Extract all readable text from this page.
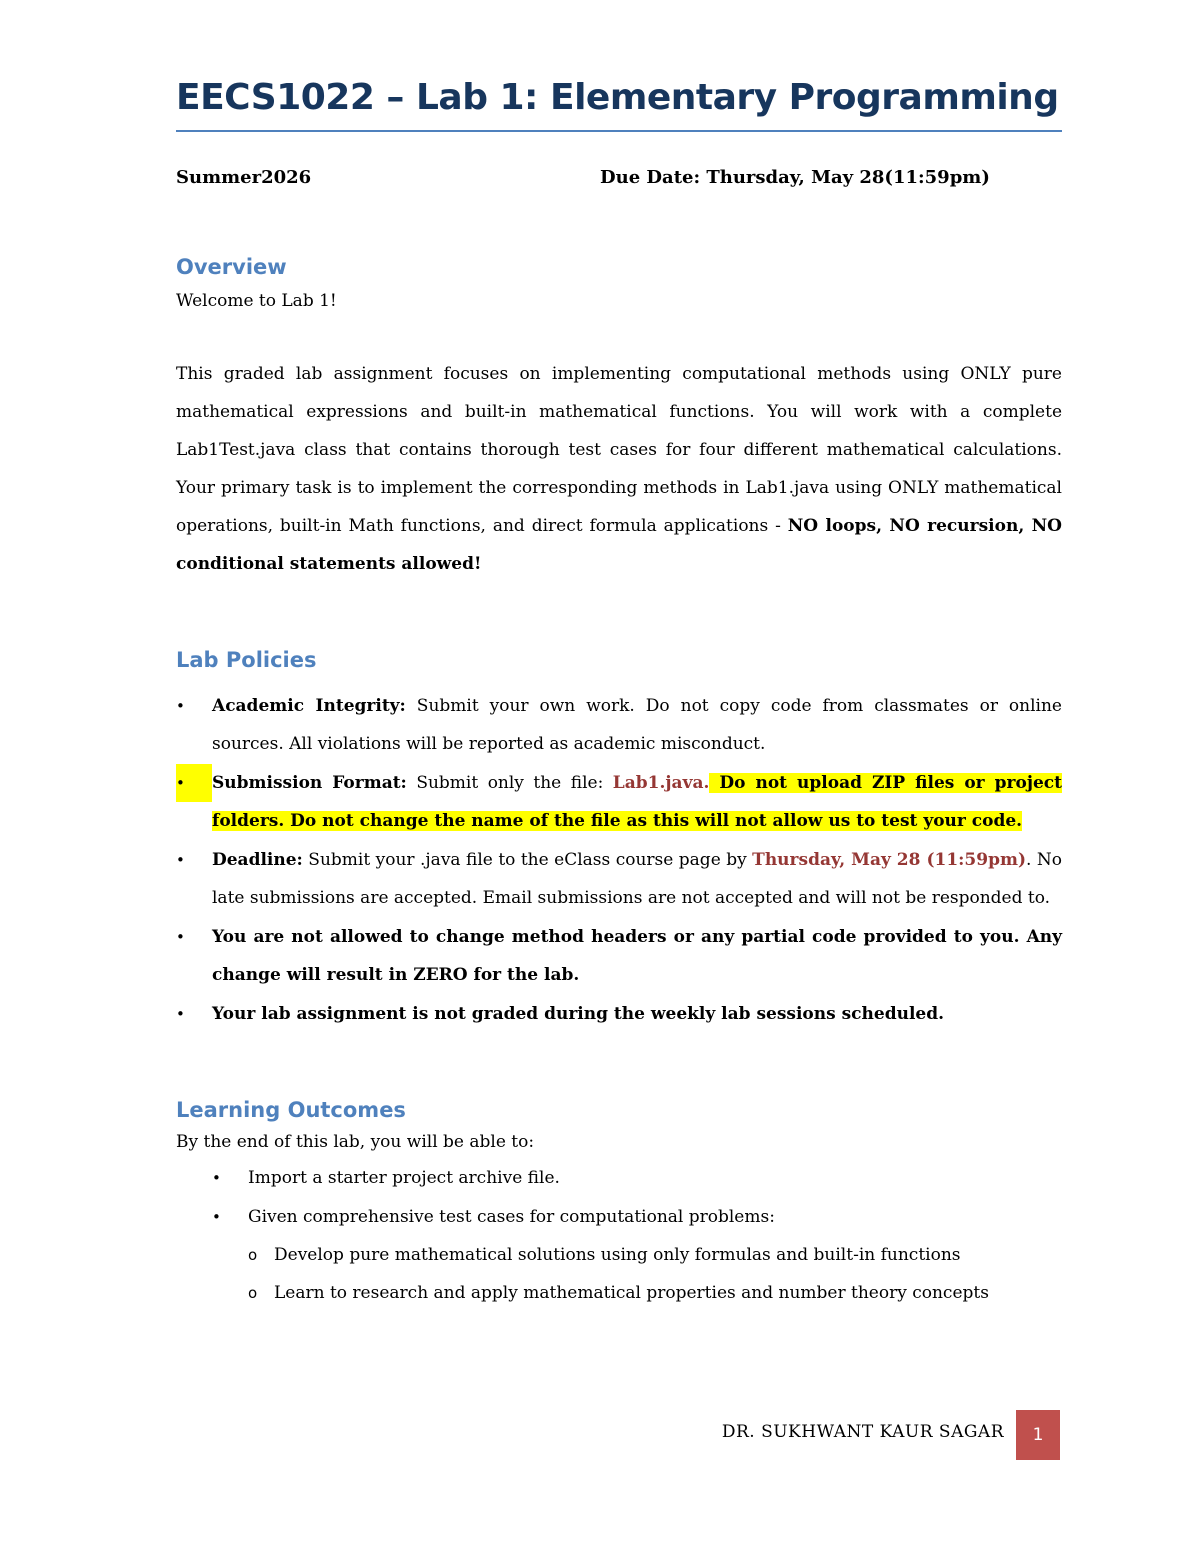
EECS1022 – Lab 1: Elementary Programming
Summer2026	Due Date: Thursday, May 28(11:59pm)
Overview

Welcome to Lab 1!

This graded lab assignment focuses on implementing computational methods using ONLY pure mathematical expressions and built-in mathematical functions. You will work with a complete Lab1Test.java class that contains thorough test cases for four different mathematical calculations. Your primary task is to implement the corresponding methods in Lab1.java using ONLY mathematical operations, built-in Math functions, and direct formula applications - NO loops, NO recursion, NO conditional statements allowed!

Lab Policies
•	Academic Integrity: Submit your own work. Do not copy code from classmates or online sources. All violations will be reported as academic misconduct.
•	Submission Format: Submit only the file: Lab1.java. Do not upload ZIP files or project folders. Do not change the name of the file as this will not allow us to test your code.
•	Deadline: Submit your .java file to the eClass course page by Thursday, May 28 (11:59pm). No late submissions are accepted. Email submissions are not accepted and will not be responded to.
•	You are not allowed to change method headers or any partial code provided to you. Any change will result in ZERO for the lab.
•	Your lab assignment is not graded during the weekly lab sessions scheduled.
Learning Outcomes

By the end of this lab, you will be able to:

•	Import a starter project archive file.
•	Given comprehensive test cases for computational problems:
o Develop pure mathematical solutions using only formulas and built-in functions
o Learn to research and apply mathematical properties and number theory concepts
DR. SUKHWANT KAUR SAGAR	1
